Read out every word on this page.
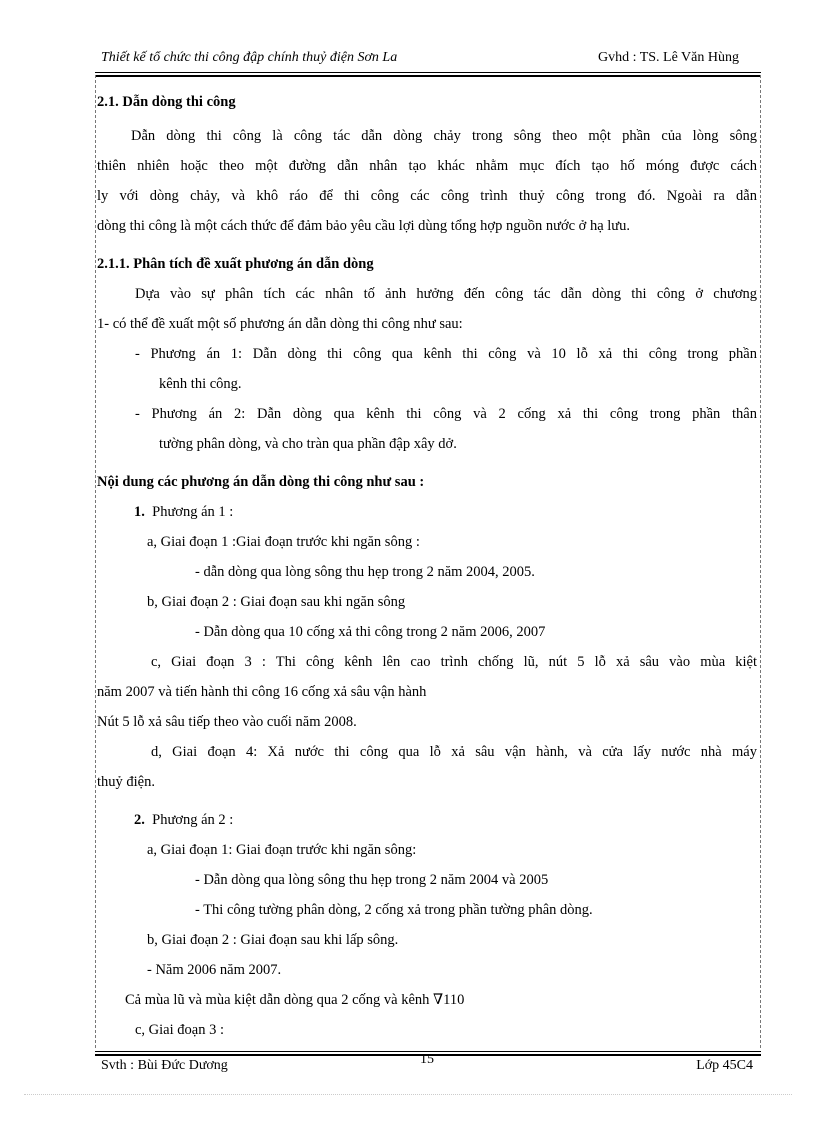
Thiết kế tổ chức thi công đập chính thuỷ điện Sơn La	Gvhd : TS. Lê Văn Hùng
2.1. Dẫn dòng thi công
Dẫn dòng thi công là công tác dẫn dòng chảy trong sông theo một phần của lòng sông
thiên nhiên hoặc theo một đường dẫn nhân tạo khác nhằm mục đích tạo hố móng được cách
ly với dòng chảy, và khô ráo để thi công các công trình thuỷ công trong đó. Ngoài ra dẫn
dòng thi công là một cách thức để đảm bảo yêu cầu lợi dùng tổng hợp nguồn nước ở hạ lưu.
2.1.1. Phân tích đề xuất phương án dẫn dòng
Dựa vào sự phân tích các nhân tố ảnh hưởng đến công tác dẫn dòng thi công ở chương
1- có thể đề xuất một số phương án dẫn dòng thi công như sau:
- Phương án 1: Dẫn dòng thi công qua kênh thi công và 10 lỗ xả thi công trong phần
kênh thi công.
- Phương án 2: Dẫn dòng qua kênh thi công và 2 cống xả thi công trong phần thân
tường phân dòng, và cho tràn qua phần đập xây dở.
Nội dung các phương án dẫn dòng thi công như sau :
1. Phương án 1 :
a, Giai đoạn 1 :Giai đoạn trước khi ngăn sông :
- dẫn dòng qua lòng sông thu hẹp trong 2 năm 2004, 2005.
b, Giai đoạn 2 : Giai đoạn sau khi ngăn sông
- Dẫn dòng qua 10 cống xả thi công trong 2 năm 2006, 2007
c, Giai đoạn 3 : Thi công kênh lên cao trình chống lũ, nút 5 lỗ xả sâu vào mùa kiệt
năm 2007 và tiến hành thi công 16 cống xả sâu vận hành
Nút 5 lỗ xả sâu tiếp theo vào cuối năm 2008.
d, Giai đoạn 4: Xả nước thi công qua lỗ xả sâu vận hành, và cửa lấy nước nhà máy
thuỷ điện.
2. Phương án 2 :
a, Giai đoạn 1: Giai đoạn trước khi ngăn sông:
- Dẫn dòng qua lòng sông thu hẹp trong 2 năm 2004 và 2005
- Thi công tường phân dòng, 2 cống xả trong phần tường phân dòng.
b, Giai đoạn 2 : Giai đoạn sau khi lấp sông.
- Năm 2006 năm 2007.
Cả mùa lũ và mùa kiệt dẫn dòng qua 2 cống và kênh ∇110
c, Giai đoạn 3 :
Svth : Bùi Đức Dương	15	Lớp 45C4
